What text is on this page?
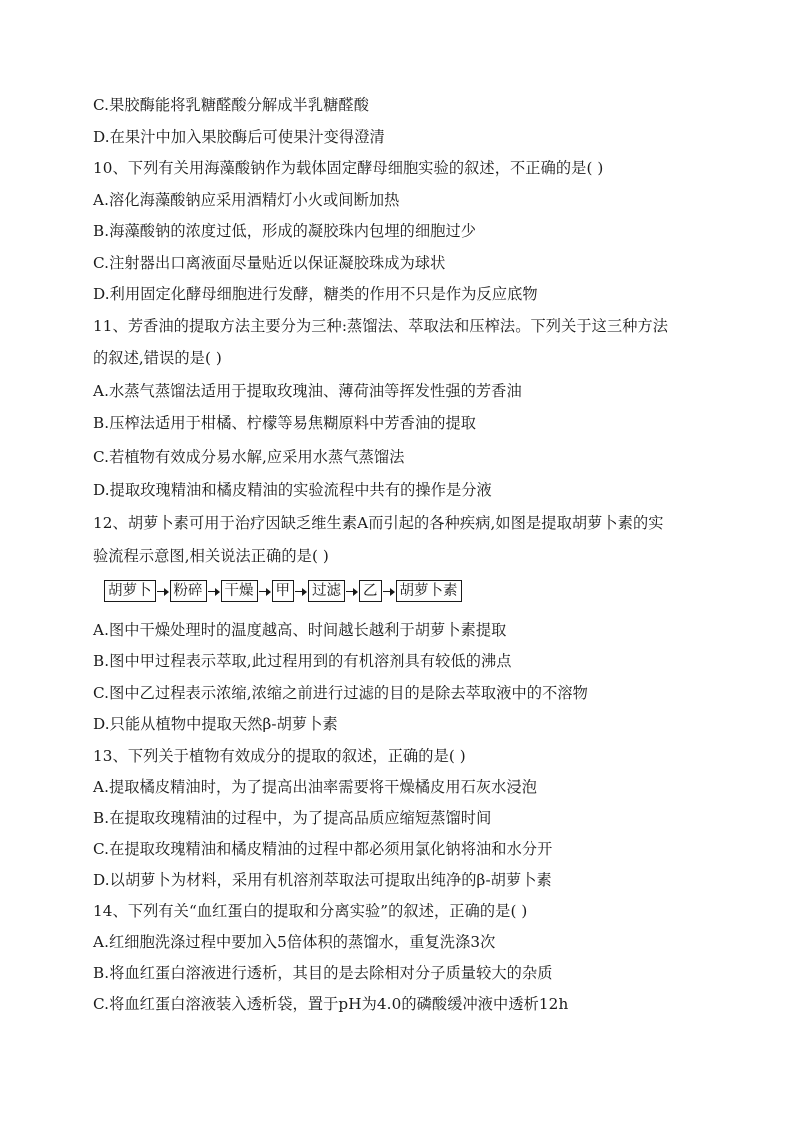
C.果胶酶能将乳糖醛酸分解成半乳糖醛酸
D.在果汁中加入果胶酶后可使果汁变得澄清
10、下列有关用海藻酸钠作为载体固定酵母细胞实验的叙述，不正确的是( )
A.溶化海藻酸钠应采用酒精灯小火或间断加热
B.海藻酸钠的浓度过低，形成的凝胶珠内包埋的细胞过少
C.注射器出口离液面尽量贴近以保证凝胶珠成为球状
D.利用固定化酵母细胞进行发酵，糖类的作用不只是作为反应底物
11、芳香油的提取方法主要分为三种:蒸馏法、萃取法和压榨法。下列关于这三种方法
的叙述,错误的是( )
A.水蒸气蒸馏法适用于提取玫瑰油、薄荷油等挥发性强的芳香油
B.压榨法适用于柑橘、柠檬等易焦糊原料中芳香油的提取
C.若植物有效成分易水解,应采用水蒸气蒸馏法
D.提取玫瑰精油和橘皮精油的实验流程中共有的操作是分液
12、胡萝卜素可用于治疗因缺乏维生素A而引起的各种疾病,如图是提取胡萝卜素的实
验流程示意图,相关说法正确的是( )
胡萝卜 粉碎 干燥 甲 过滤 乙 胡萝卜素
A.图中干燥处理时的温度越高、时间越长越利于胡萝卜素提取
B.图中甲过程表示萃取,此过程用到的有机溶剂具有较低的沸点
C.图中乙过程表示浓缩,浓缩之前进行过滤的目的是除去萃取液中的不溶物
D.只能从植物中提取天然β-胡萝卜素
13、下列关于植物有效成分的提取的叙述，正确的是( )
A.提取橘皮精油时，为了提高出油率需要将干燥橘皮用石灰水浸泡
B.在提取玫瑰精油的过程中，为了提高品质应缩短蒸馏时间
C.在提取玫瑰精油和橘皮精油的过程中都必须用氯化钠将油和水分开
D.以胡萝卜为材料，采用有机溶剂萃取法可提取出纯净的β-胡萝卜素
14、下列有关“血红蛋白的提取和分离实验”的叙述，正确的是( )
A.红细胞洗涤过程中要加入5倍体积的蒸馏水，重复洗涤3次
B.将血红蛋白溶液进行透析，其目的是去除相对分子质量较大的杂质
C.将血红蛋白溶液装入透析袋，置于pH为4.0的磷酸缓冲液中透析12h
